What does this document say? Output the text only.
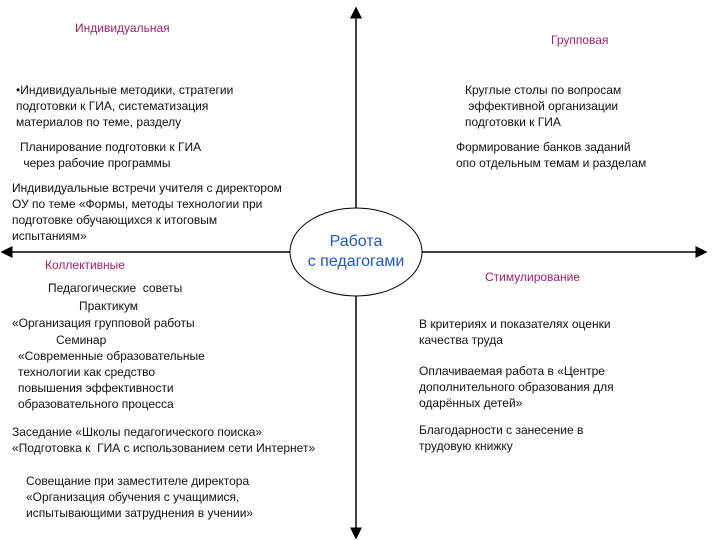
Работа
с педагогами
Индивидуальная
Групповая
Коллективные
Стимулирование
•Индивидуальные методики, стратегии
подготовки к ГИА, систематизация
материалов по теме, разделу
Планирование подготовки к ГИА
через рабочие программы
Индивидуальные встречи учителя с директором
ОУ по теме «Формы, методы технологии при
подготовке обучающихся к итоговым
испытаниям»
Круглые столы по вопросам
эффективной организации
подготовки к ГИА
Формирование банков заданий
опо отдельным темам и разделам
Педагогические  советы
Практикум
«Организация групповой работы
Семинар
«Современные образовательные
технологии как средство
повышения эффективности
образовательного процесса
Заседание «Школы педагогического поиска»
«Подготовка к  ГИА с использованием сети Интернет»
Совещание при заместителе директора
«Организация обучения с учащимися,
испытывающими затруднения в учении»
В критериях и показателях оценки
качества труда
Оплачиваемая работа в «Центре
дополнительного образования для
одарённых детей»
Благодарности с занесение в
трудовую книжку
